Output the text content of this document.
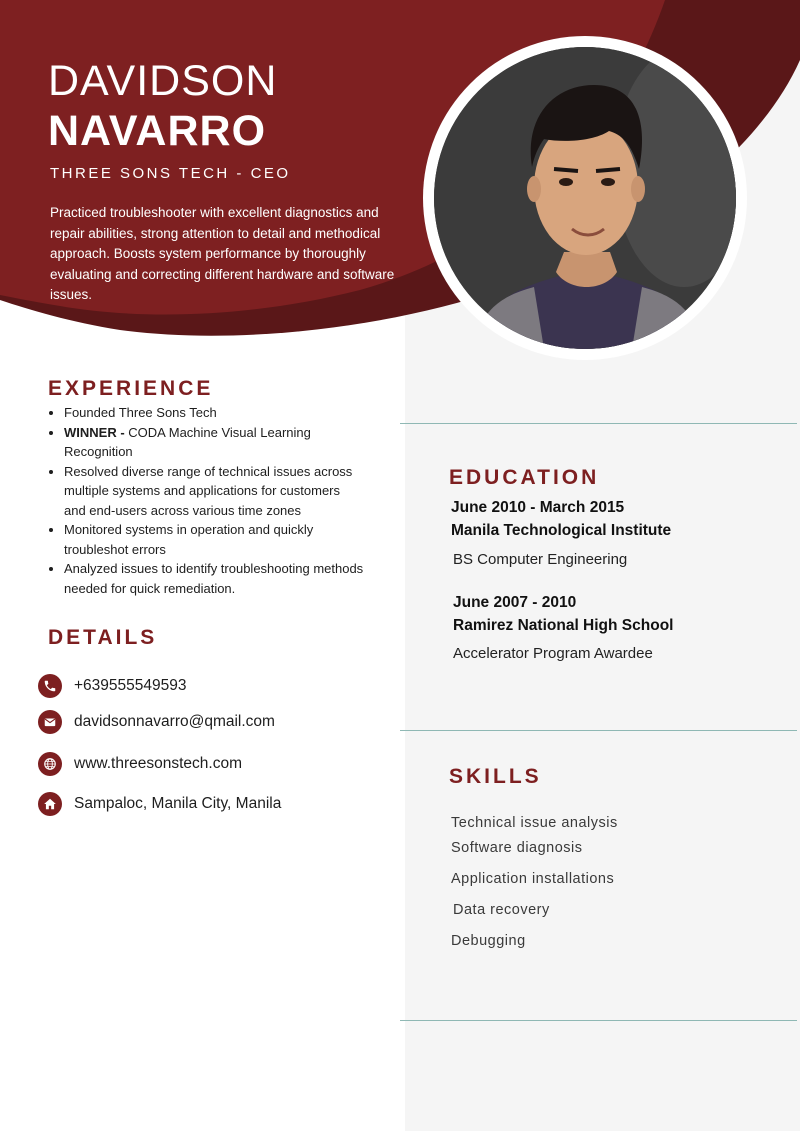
DAVIDSON
NAVARRO
THREE SONS TECH - CEO
Practiced troubleshooter with excellent diagnostics and repair abilities, strong attention to detail and methodical approach. Boosts system performance by thoroughly evaluating and correcting different hardware and software issues.
EXPERIENCE
• Founded Three Sons Tech
• WINNER - CODA Machine Visual Learning Recognition
• Resolved diverse range of technical issues across multiple systems and applications for customers and end-users across various time zones
• Monitored systems in operation and quickly troubleshot errors
• Analyzed issues to identify troubleshooting methods needed for quick remediation.
DETAILS
+639555549593
davidsonnavarro@qmail.com
www.threesonstech.com
Sampaloc, Manila City, Manila
EDUCATION
June 2010 - March 2015
Manila Technological Institute
BS Computer Engineering
June 2007 - 2010
Ramirez National High School
Accelerator Program Awardee
SKILLS
Technical issue analysis
Software diagnosis
Application installations
Data recovery
Debugging
